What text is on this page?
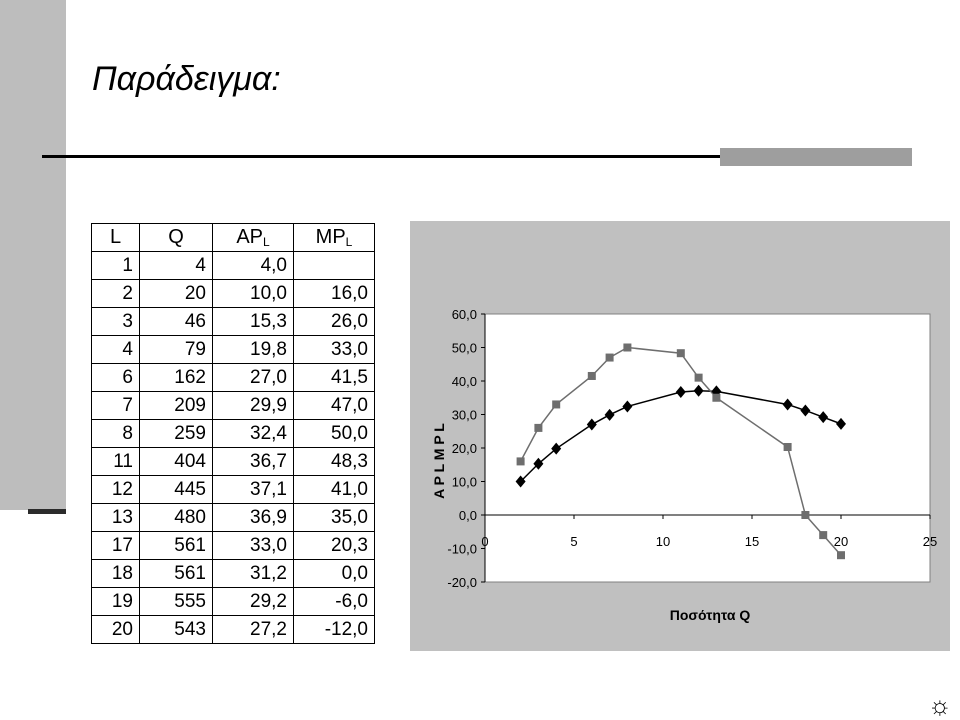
Παράδειγμα:
L	Q	$AP_L$	$MP_L$
1	4	4,0	
2	20	10,0	16,0
3	46	15,3	26,0
4	79	19,8	33,0
6	162	27,0	41,5
7	209	29,9	47,0
8	259	32,4	50,0
11	404	36,7	48,3
12	445	37,1	41,0
13	480	36,9	35,0
17	561	33,0	20,3
18	561	31,2	0,0
19	555	29,2	-6,0
20	543	27,2	-12,0
60,0
50,0
40,0
30,0
20,0
10,0
0,0
-10,0
-20,0
0	5	10	15	20	25
A P L M P L
Ποσότητα Q
☼
